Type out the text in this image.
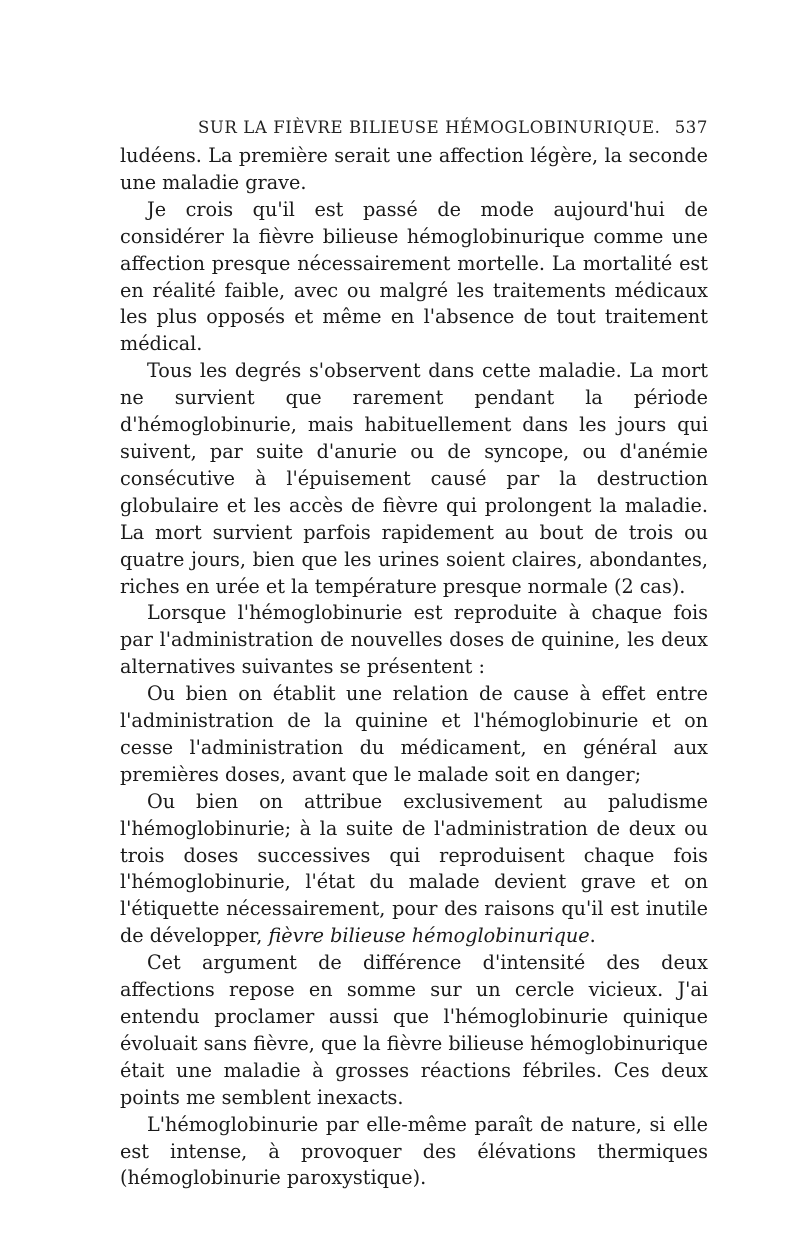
SUR LA FIÈVRE BILIEUSE HÉMOGLOBINURIQUE. 537

ludéens. La première serait une affection légère, la seconde une maladie grave.

Je crois qu'il est passé de mode aujourd'hui de considérer la fièvre bilieuse hémoglobinurique comme une affection presque nécessairement mortelle. La mortalité est en réalité faible, avec ou malgré les traitements médicaux les plus opposés et même en l'absence de tout traitement médical.

Tous les degrés s'observent dans cette maladie. La mort ne survient que rarement pendant la période d'hémoglobinurie, mais habituellement dans les jours qui suivent, par suite d'anurie ou de syncope, ou d'anémie consécutive à l'épuisement causé par la destruction globulaire et les accès de fièvre qui prolongent la maladie. La mort survient parfois rapidement au bout de trois ou quatre jours, bien que les urines soient claires, abondantes, riches en urée et la température presque normale (2 cas).

Lorsque l'hémoglobinurie est reproduite à chaque fois par l'administration de nouvelles doses de quinine, les deux alternatives suivantes se présentent :

Ou bien on établit une relation de cause à effet entre l'administration de la quinine et l'hémoglobinurie et on cesse l'administration du médicament, en général aux premières doses, avant que le malade soit en danger;

Ou bien on attribue exclusivement au paludisme l'hémoglobinurie; à la suite de l'administration de deux ou trois doses successives qui reproduisent chaque fois l'hémoglobinurie, l'état du malade devient grave et on l'étiquette nécessairement, pour des raisons qu'il est inutile de développer, fièvre bilieuse hémoglobinurique.

Cet argument de différence d'intensité des deux affections repose en somme sur un cercle vicieux. J'ai entendu proclamer aussi que l'hémoglobinurie quinique évoluait sans fièvre, que la fièvre bilieuse hémoglobinurique était une maladie à grosses réactions fébriles. Ces deux points me semblent inexacts.

L'hémoglobinurie par elle-même paraît de nature, si elle est intense, à provoquer des élévations thermiques (hémoglobinurie paroxystique).
